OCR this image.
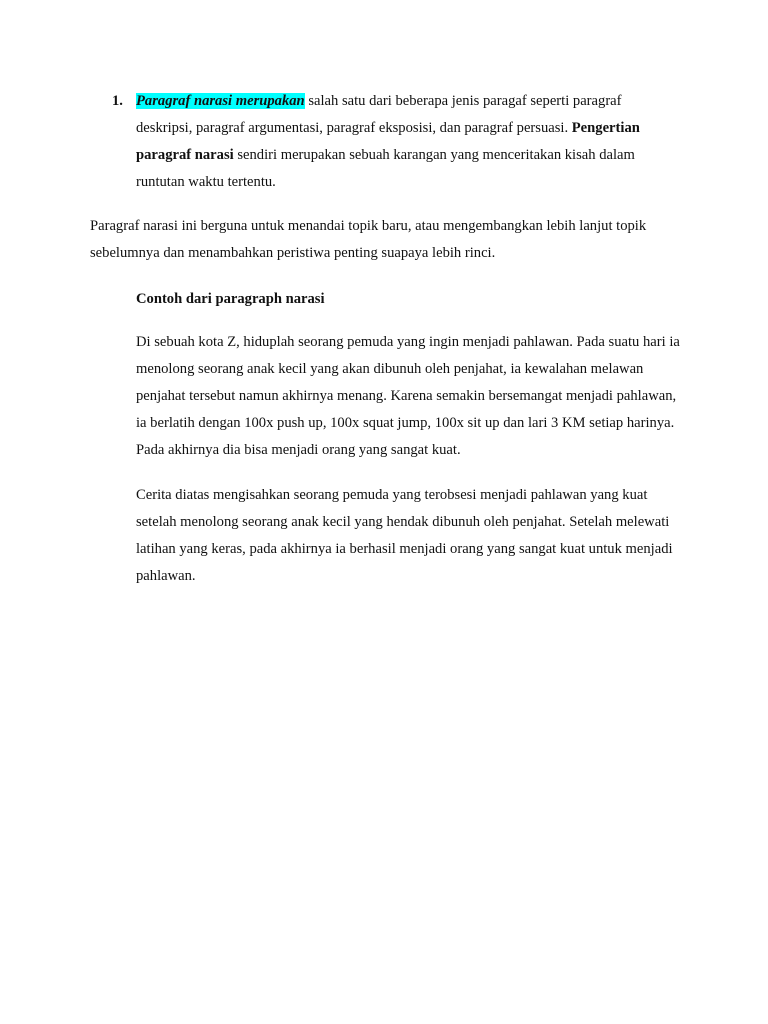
1. Paragraf narasi merupakan salah satu dari beberapa jenis paragaf seperti paragraf deskripsi, paragraf argumentasi, paragraf eksposisi, dan paragraf persuasi. Pengertian paragraf narasi sendiri merupakan sebuah karangan yang menceritakan kisah dalam runtutan waktu tertentu.

Paragraf narasi ini berguna untuk menandai topik baru, atau mengembangkan lebih lanjut topik sebelumnya dan menambahkan peristiwa penting suapaya lebih rinci.

Contoh dari paragraph narasi

Di sebuah kota Z, hiduplah seorang pemuda yang ingin menjadi pahlawan. Pada suatu hari ia menolong seorang anak kecil yang akan dibunuh oleh penjahat, ia kewalahan melawan penjahat tersebut namun akhirnya menang. Karena semakin bersemangat menjadi pahlawan, ia berlatih dengan 100x push up, 100x squat jump, 100x sit up dan lari 3 KM setiap harinya. Pada akhirnya dia bisa menjadi orang yang sangat kuat.

Cerita diatas mengisahkan seorang pemuda yang terobsesi menjadi pahlawan yang kuat setelah menolong seorang anak kecil yang hendak dibunuh oleh penjahat. Setelah melewati latihan yang keras, pada akhirnya ia berhasil menjadi orang yang sangat kuat untuk menjadi pahlawan.
